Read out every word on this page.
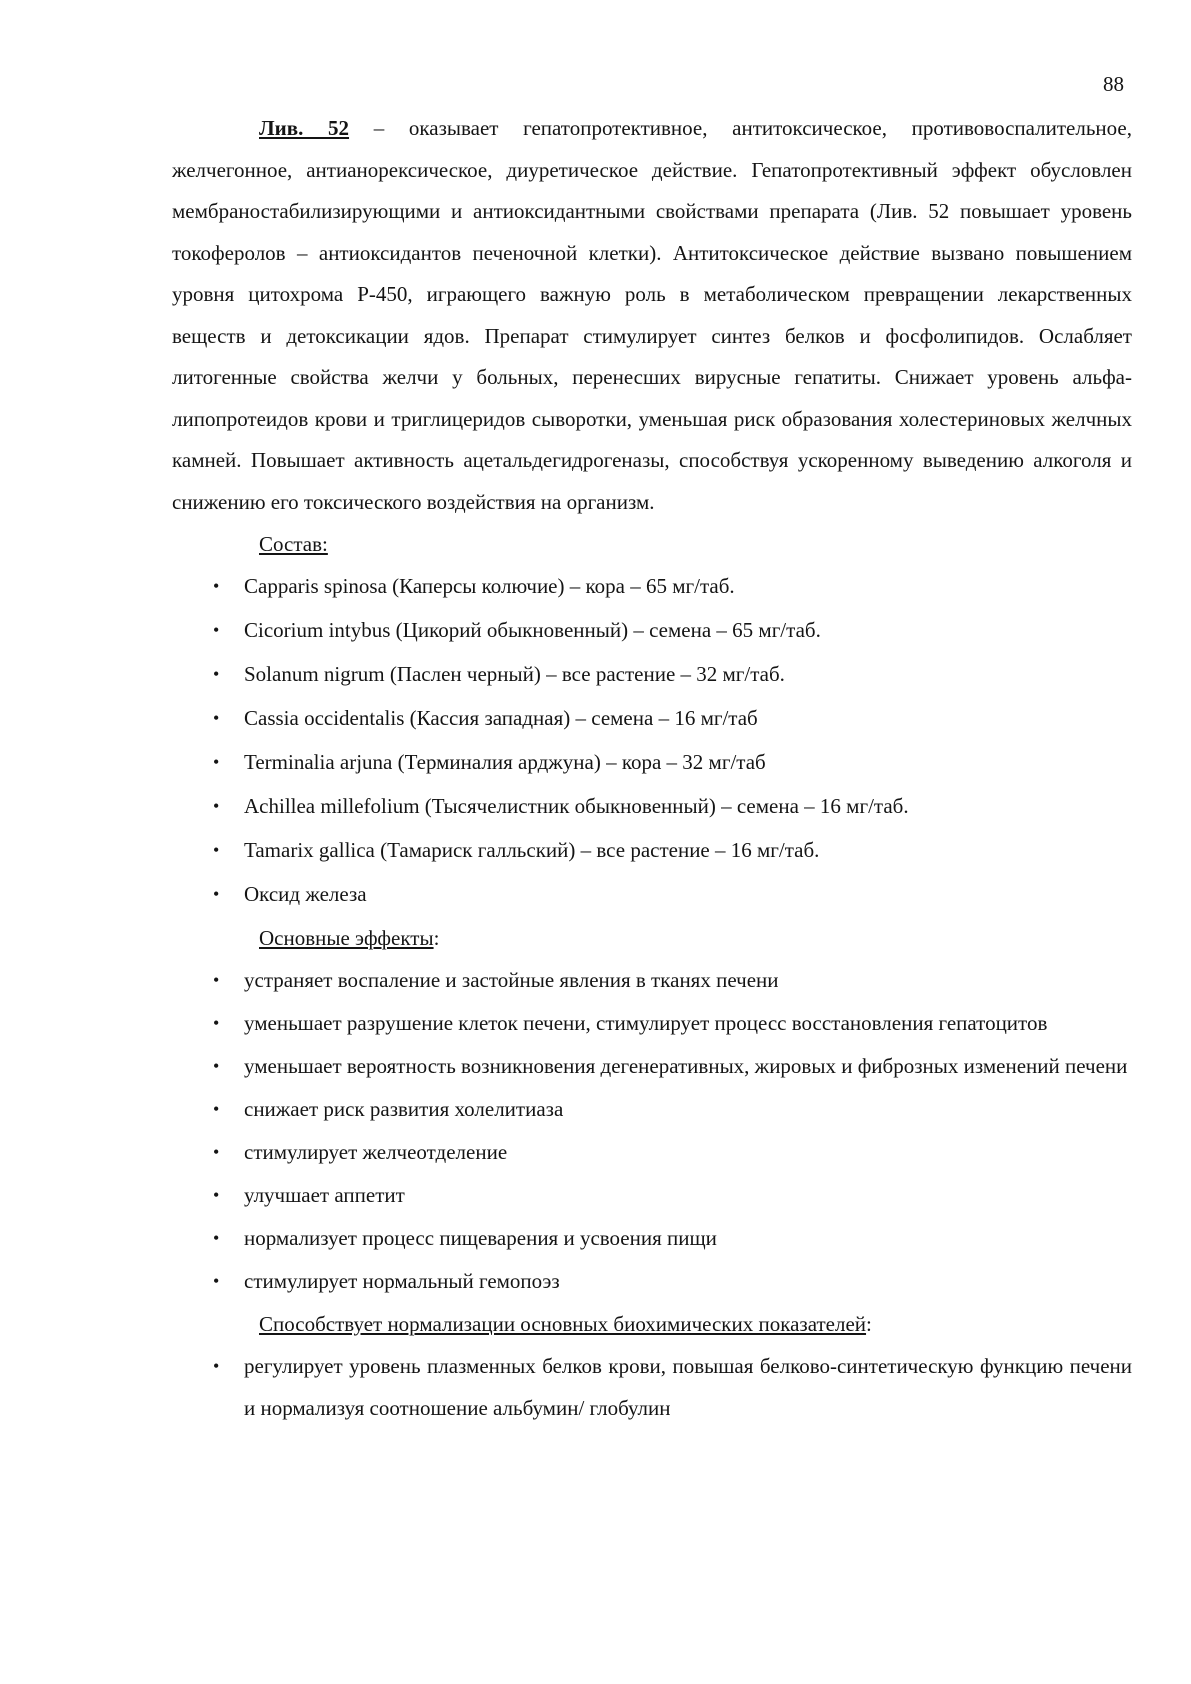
88

Лив. 52 – оказывает гепатопротективное, антитоксическое, противовоспалительное, желчегонное, антианорексическое, диуретическое действие. Гепатопротективный эффект обусловлен мембраностабилизирующими и антиоксидантными свойствами препарата (Лив. 52 повышает уровень токоферолов – антиоксидантов печеночной клетки). Антитоксическое действие вызвано повышением уровня цитохрома Р-450, играющего важную роль в метаболическом превращении лекарственных веществ и детоксикации ядов. Препарат стимулирует синтез белков и фосфолипидов. Ослабляет литогенные свойства желчи у больных, перенесших вирусные гепатиты. Снижает уровень альфа-липопротеидов крови и триглицеридов сыворотки, уменьшая риск образования холестериновых желчных камней. Повышает активность ацетальдегидрогеназы, способствуя ускоренному выведению алкоголя и снижению его токсического воздействия на организм.

Состав:
• Capparis spinosa (Каперсы колючие) – кора – 65 мг/таб.
• Cicorium intybus (Цикорий обыкновенный) – семена – 65 мг/таб.
• Solanum nigrum (Паслен черный) – все растение – 32 мг/таб.
• Cassia occidentalis (Кассия западная) – семена – 16 мг/таб
• Terminalia arjuna (Терминалия арджуна) – кора – 32 мг/таб
• Achillea millefolium (Тысячелистник обыкновенный) – семена – 16 мг/таб.
• Tamarix gallica (Тамариск галльский) – все растение – 16 мг/таб.
• Оксид железа
Основные эффекты:
• устраняет воспаление и застойные явления в тканях печени
• уменьшает разрушение клеток печени, стимулирует процесс восстановления гепатоцитов
• уменьшает вероятность возникновения дегенеративных, жировых и фиброзных изменений печени
• снижает риск развития холелитиаза
• стимулирует желчеотделение
• улучшает аппетит
• нормализует процесс пищеварения и усвоения пищи
• стимулирует нормальный гемопоэз
Способствует нормализации основных биохимических показателей:
• регулирует уровень плазменных белков крови, повышая белково-синтетическую функцию печени и нормализуя соотношение альбумин/ глобулин
